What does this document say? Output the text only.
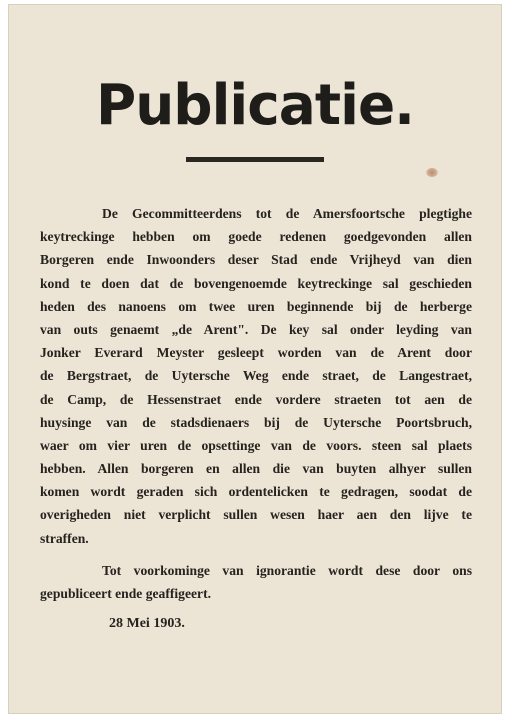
Publicatie.
De Gecommitteerdens tot de Amersfoortsche plegtighe
keytreckinge hebben om goede redenen goedgevonden allen
Borgeren ende Inwoonders deser Stad ende Vrijheyd van dien
kond te doen dat de bovengenoemde keytreckinge sal geschieden
heden des nanoens om twee uren beginnende bij de herberge
van outs genaemt „de Arent". De key sal onder leyding van
Jonker Everard Meyster gesleept worden van de Arent door
de Bergstraet, de Uytersche Weg ende straet, de Langestraet,
de Camp, de Hessenstraet ende vordere straeten tot aen de
huysinge van de stadsdienaers bij de Uytersche Poortsbruch,
waer om vier uren de opsettinge van de voors. steen sal plaets
hebben. Allen borgeren en allen die van buyten alhyer sullen
komen wordt geraden sich ordentelicken te gedragen, soodat de
overigheden niet verplicht sullen wesen haer aen den lijve te
straffen.
Tot voorkominge van ignorantie wordt dese door ons
gepubliceert ende geaffigeert.
28 Mei 1903.
